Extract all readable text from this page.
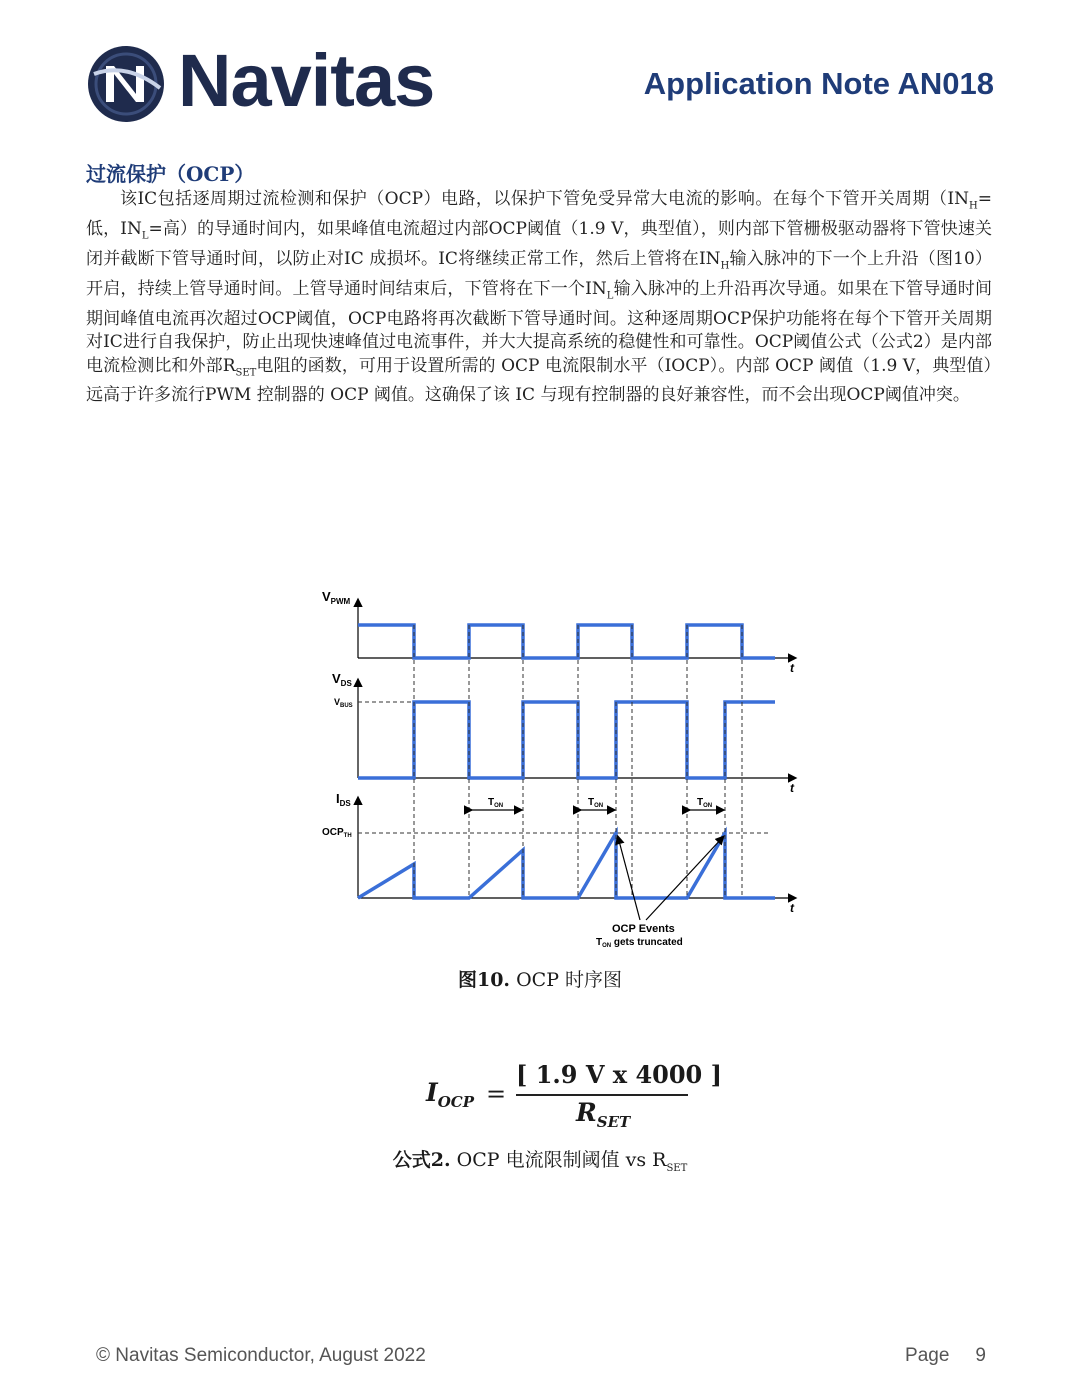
Navitas	Application Note AN018
过流保护（OCP）

该IC包括逐周期过流检测和保护（OCP）电路，以保护下管免受异常大电流的影响。在每个下管开关周期（$IN_H=$低，$IN_L=$高）的导通时间内，如果峰值电流超过内部OCP阈值（1.9 V，典型值），则内部下管栅极驱动器将下管快速关闭并截断下管导通时间，以防止对IC 成损坏。IC将继续正常工作，然后上管将在$IN_H$输入脉冲的下一个上升沿（图10）开启，持续上管导通时间。上管导通时间结束后，下管将在下一个$IN_L$输入脉冲的上升沿再次导通。如果在下管导通时间期间峰值电流再次超过OCP阈值，OCP电路将再次截断下管导通时间。这种逐周期OCP保护功能将在每个下管开关周期对IC进行自我保护，防止出现快速峰值过电流事件，并大大提高系统的稳健性和可靠性。OCP阈值公式（公式2）是内部电流检测比和外部$R_{SET}$电阻的函数，可用于设置所需的 OCP 电流限制水平（IOCP）。内部 OCP 阈值（1.9 V，典型值）远高于许多流行PWM 控制器的 OCP 阈值。这确保了该 IC 与现有控制器的良好兼容性，而不会出现OCP阈值冲突。

$V_{PWM}$
t
$V_{DS}$
$V_{BUS}$
t
$I_{DS}$
$OCP_{TH}$
t
$T_{ON}$	$T_{ON}$	$T_{ON}$
OCP Events
$T_{ON}$ gets truncated
图10. OCP 时序图
$I_{OCP}$ =
[ 1.9 V x 4000 ]
$R_{SET}$
公式2. OCP 电流限制阈值 vs $R_{SET}$
© Navitas Semiconductor, August 2022	Page 9
